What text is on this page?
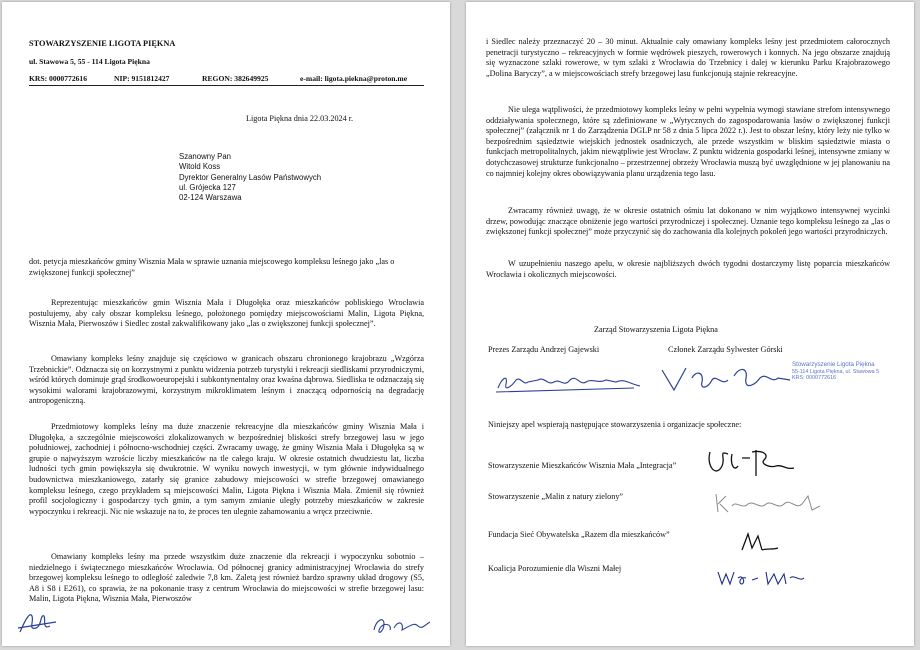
STOWARZYSZENIE LIGOTA PIĘKNA
ul. Stawowa 5, 55 - 114 Ligota Piękna
KRS: 0000772616	NIP: 9151812427	REGON: 382649925	e-mail: ligota.piekna@proton.me
Ligota Piękna dnia 22.03.2024 r.
Szanowny Pan
Witold Koss
Dyrektor Generalny Lasów Państwowych
ul. Grójecka 127
02-124 Warszawa
dot. petycja mieszkańców gminy Wisznia Mała w sprawie uznania miejscowego kompleksu leśnego jako „las o zwiększonej funkcji społecznej”
Reprezentując mieszkańców gmin Wisznia Mała i Długołęka oraz mieszkańców pobliskiego Wrocławia postulujemy, aby cały obszar kompleksu leśnego, położonego pomiędzy miejscowościami Malin, Ligota Piękna, Wisznia Mała, Pierwoszów i Siedlec został zakwalifikowany jako „las o zwiększonej funkcji społecznej”.
Omawiany kompleks leśny znajduje się częściowo w granicach obszaru chronionego krajobrazu „Wzgórza Trzebnickie”. Odznacza się on korzystnymi z punktu widzenia potrzeb turystyki i rekreacji siedliskami przyrodniczymi, wśród których dominuje grąd środkowoeuropejski i subkontynentalny oraz kwaśna dąbrowa. Siedliska te odznaczają się wysokimi walorami krajobrazowymi, korzystnym mikroklimatem leśnym i znaczącą odpornością na degradację antropogeniczną.
Przedmiotowy kompleks leśny ma duże znaczenie rekreacyjne dla mieszkańców gminy Wisznia Mała i Długołęka, a szczególnie miejscowości zlokalizowanych w bezpośredniej bliskości strefy brzegowej lasu w jego południowej, zachodniej i północno-wschodniej części. Zwracamy uwagę, że gminy Wisznia Mała i Długołęka są w grupie o najwyższym wzroście liczby mieszkańców na tle całego kraju. W okresie ostatnich dwudziestu lat, liczba ludności tych gmin powiększyła się dwukrotnie. W wyniku nowych inwestycji, w tym głównie indywidualnego budownictwa mieszkaniowego, zatarły się granice zabudowy miejscowości w strefie brzegowej omawianego kompleksu leśnego, czego przykładem są miejscowości Malin, Ligota Piękna i Wisznia Mała. Zmienił się również profil socjologiczny i gospodarczy tych gmin, a tym samym zmianie uległy potrzeby mieszkańców w zakresie wypoczynku i rekreacji. Nic nie wskazuje na to, że proces ten ulegnie zahamowaniu a wręcz przeciwnie.
Omawiany kompleks leśny ma przede wszystkim duże znaczenie dla rekreacji i wypoczynku sobotnio – niedzielnego i świątecznego mieszkańców Wrocławia. Od północnej granicy administracyjnej Wrocławia do strefy brzegowej kompleksu leśnego to odległość zaledwie 7,8 km. Zaletą jest również bardzo sprawny układ drogowy (S5, A8 i S8 i E261), co sprawia, że na pokonanie trasy z centrum Wrocławia do miejscowości w strefie brzegowej lasu: Malin, Ligota Piękna, Wisznia Mała, Pierwoszów
i Siedlec należy przeznaczyć 20 – 30 minut. Aktualnie cały omawiany kompleks leśny jest przedmiotem całorocznych penetracji turystyczno – rekreacyjnych w formie wędrówek pieszych, rowerowych i konnych. Na jego obszarze znajdują się wyznaczone szlaki rowerowe, w tym szlaki z Wrocławia do Trzebnicy i dalej w kierunku Parku Krajobrazowego „Dolina Baryczy”, a w miejscowościach strefy brzegowej lasu funkcjonują stajnie rekreacyjne.
Nie ulega wątpliwości, że przedmiotowy kompleks leśny w pełni wypełnia wymogi stawiane strefom intensywnego oddziaływania społecznego, które są zdefiniowane w „Wytycznych do zagospodarowania lasów o zwiększonej funkcji społecznej” (załącznik nr 1 do Zarządzenia DGLP nr 58 z dnia 5 lipca 2022 r.). Jest to obszar leśny, który leży nie tylko w bezpośrednim sąsiedztwie wiejskich jednostek osadniczych, ale przede wszystkim w bliskim sąsiedztwie miasta o funkcjach metropolitalnych, jakim niewątpliwie jest Wrocław. Z punktu widzenia gospodarki leśnej, intensywne zmiany w dotychczasowej strukturze funkcjonalno – przestrzennej obrzeży Wrocławia muszą być uwzględnione w jej planowaniu na co najmniej kolejny okres obowiązywania planu urządzenia tego lasu.
Zwracamy również uwagę, że w okresie ostatnich ośmiu lat dokonano w nim wyjątkowo intensywnej wycinki drzew, powodując znaczące obniżenie jego wartości przyrodniczej i społecznej. Uznanie tego kompleksu leśnego za „las o zwiększonej funkcji społecznej” może przyczynić się do zachowania dla kolejnych pokoleń jego wartości przyrodniczych.
W uzupełnieniu naszego apelu, w okresie najbliższych dwóch tygodni dostarczymy listę poparcia mieszkańców Wrocławia i okolicznych miejscowości.
Zarząd Stowarzyszenia Ligota Piękna
Prezes Zarządu Andrzej Gajewski	Członek Zarządu Sylwester Górski
Stowarzyszenie Ligota Piękna
55-114 Ligota Piękna, ul. Stawowa 5
KRS: 0000772616
Niniejszy apel wspierają następujące stowarzyszenia i organizacje społeczne:
Stowarzyszenie Mieszkańców Wisznia Mała „Integracja”
Stowarzyszenie „Malin z natury zielony”
Fundacja Sieć Obywatelska „Razem dla mieszkańców”
Koalicja Porozumienie dla Wiszni Małej
